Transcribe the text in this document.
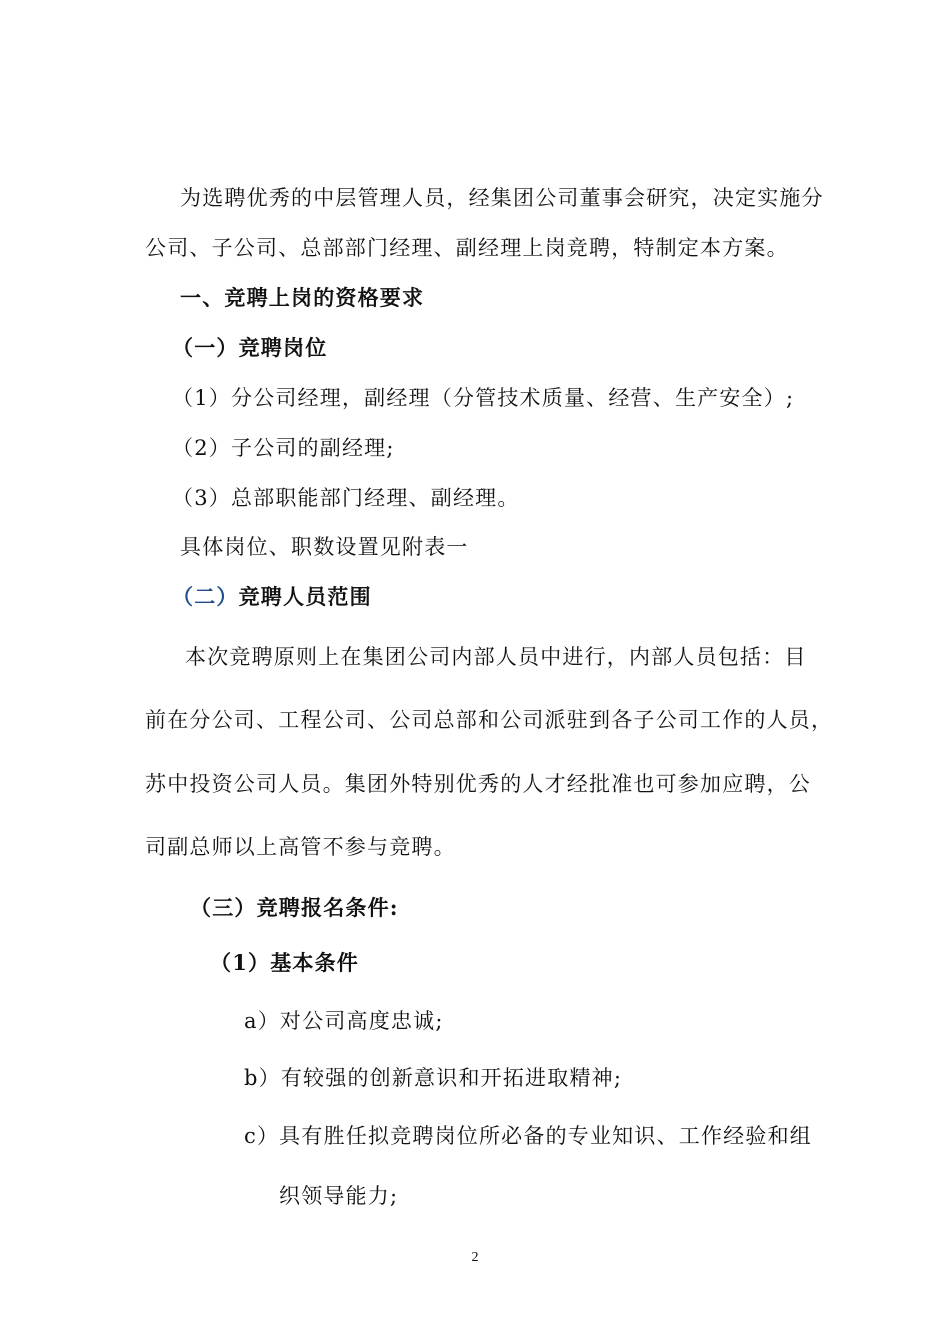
为选聘优秀的中层管理人员，经集团公司董事会研究，决定实施分
公司、子公司、总部部门经理、副经理上岗竞聘，特制定本方案。
一、竞聘上岗的资格要求
（一）竞聘岗位
（1）分公司经理，副经理（分管技术质量、经营、生产安全）;
（2）子公司的副经理;
（3）总部职能部门经理、副经理。
具体岗位、职数设置见附表一
（二）竞聘人员范围
本次竞聘原则上在集团公司内部人员中进行，内部人员包括：目
前在分公司、工程公司、公司总部和公司派驻到各子公司工作的人员，
苏中投资公司人员。集团外特别优秀的人才经批准也可参加应聘，公
司副总师以上高管不参与竞聘。
（三）竞聘报名条件:
（1）基本条件
a）对公司高度忠诚;
b）有较强的创新意识和开拓进取精神;
c）具有胜任拟竞聘岗位所必备的专业知识、工作经验和组
织领导能力;
2
